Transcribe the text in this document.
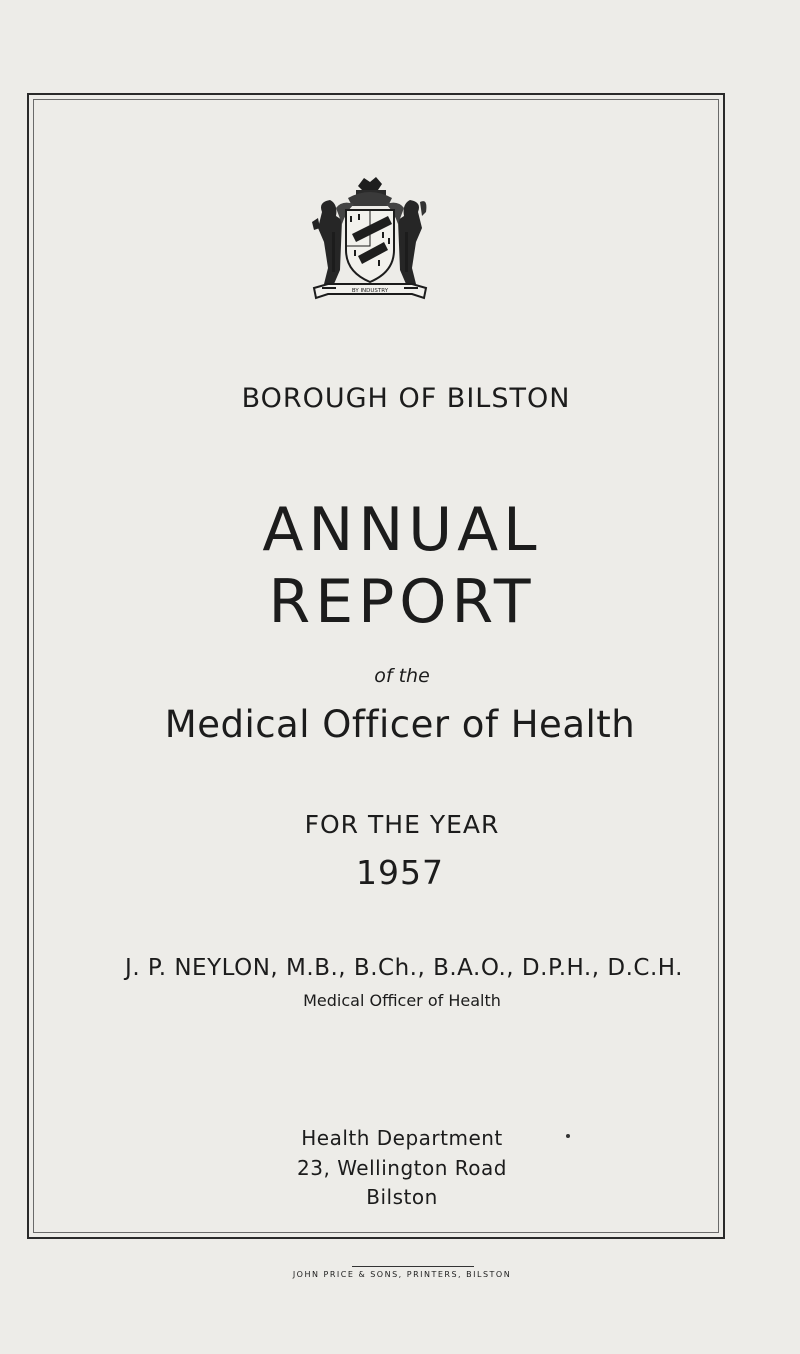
BY INDUSTRY
BOROUGH OF BILSTON
ANNUAL
REPORT
of the
Medical Officer of Health
FOR THE YEAR
1957
J. P. NEYLON, M.B., B.Ch., B.A.O., D.P.H., D.C.H.
Medical Officer of Health
Health Department
23, Wellington Road
Bilston
JOHN PRICE & SONS, PRINTERS, BILSTON
